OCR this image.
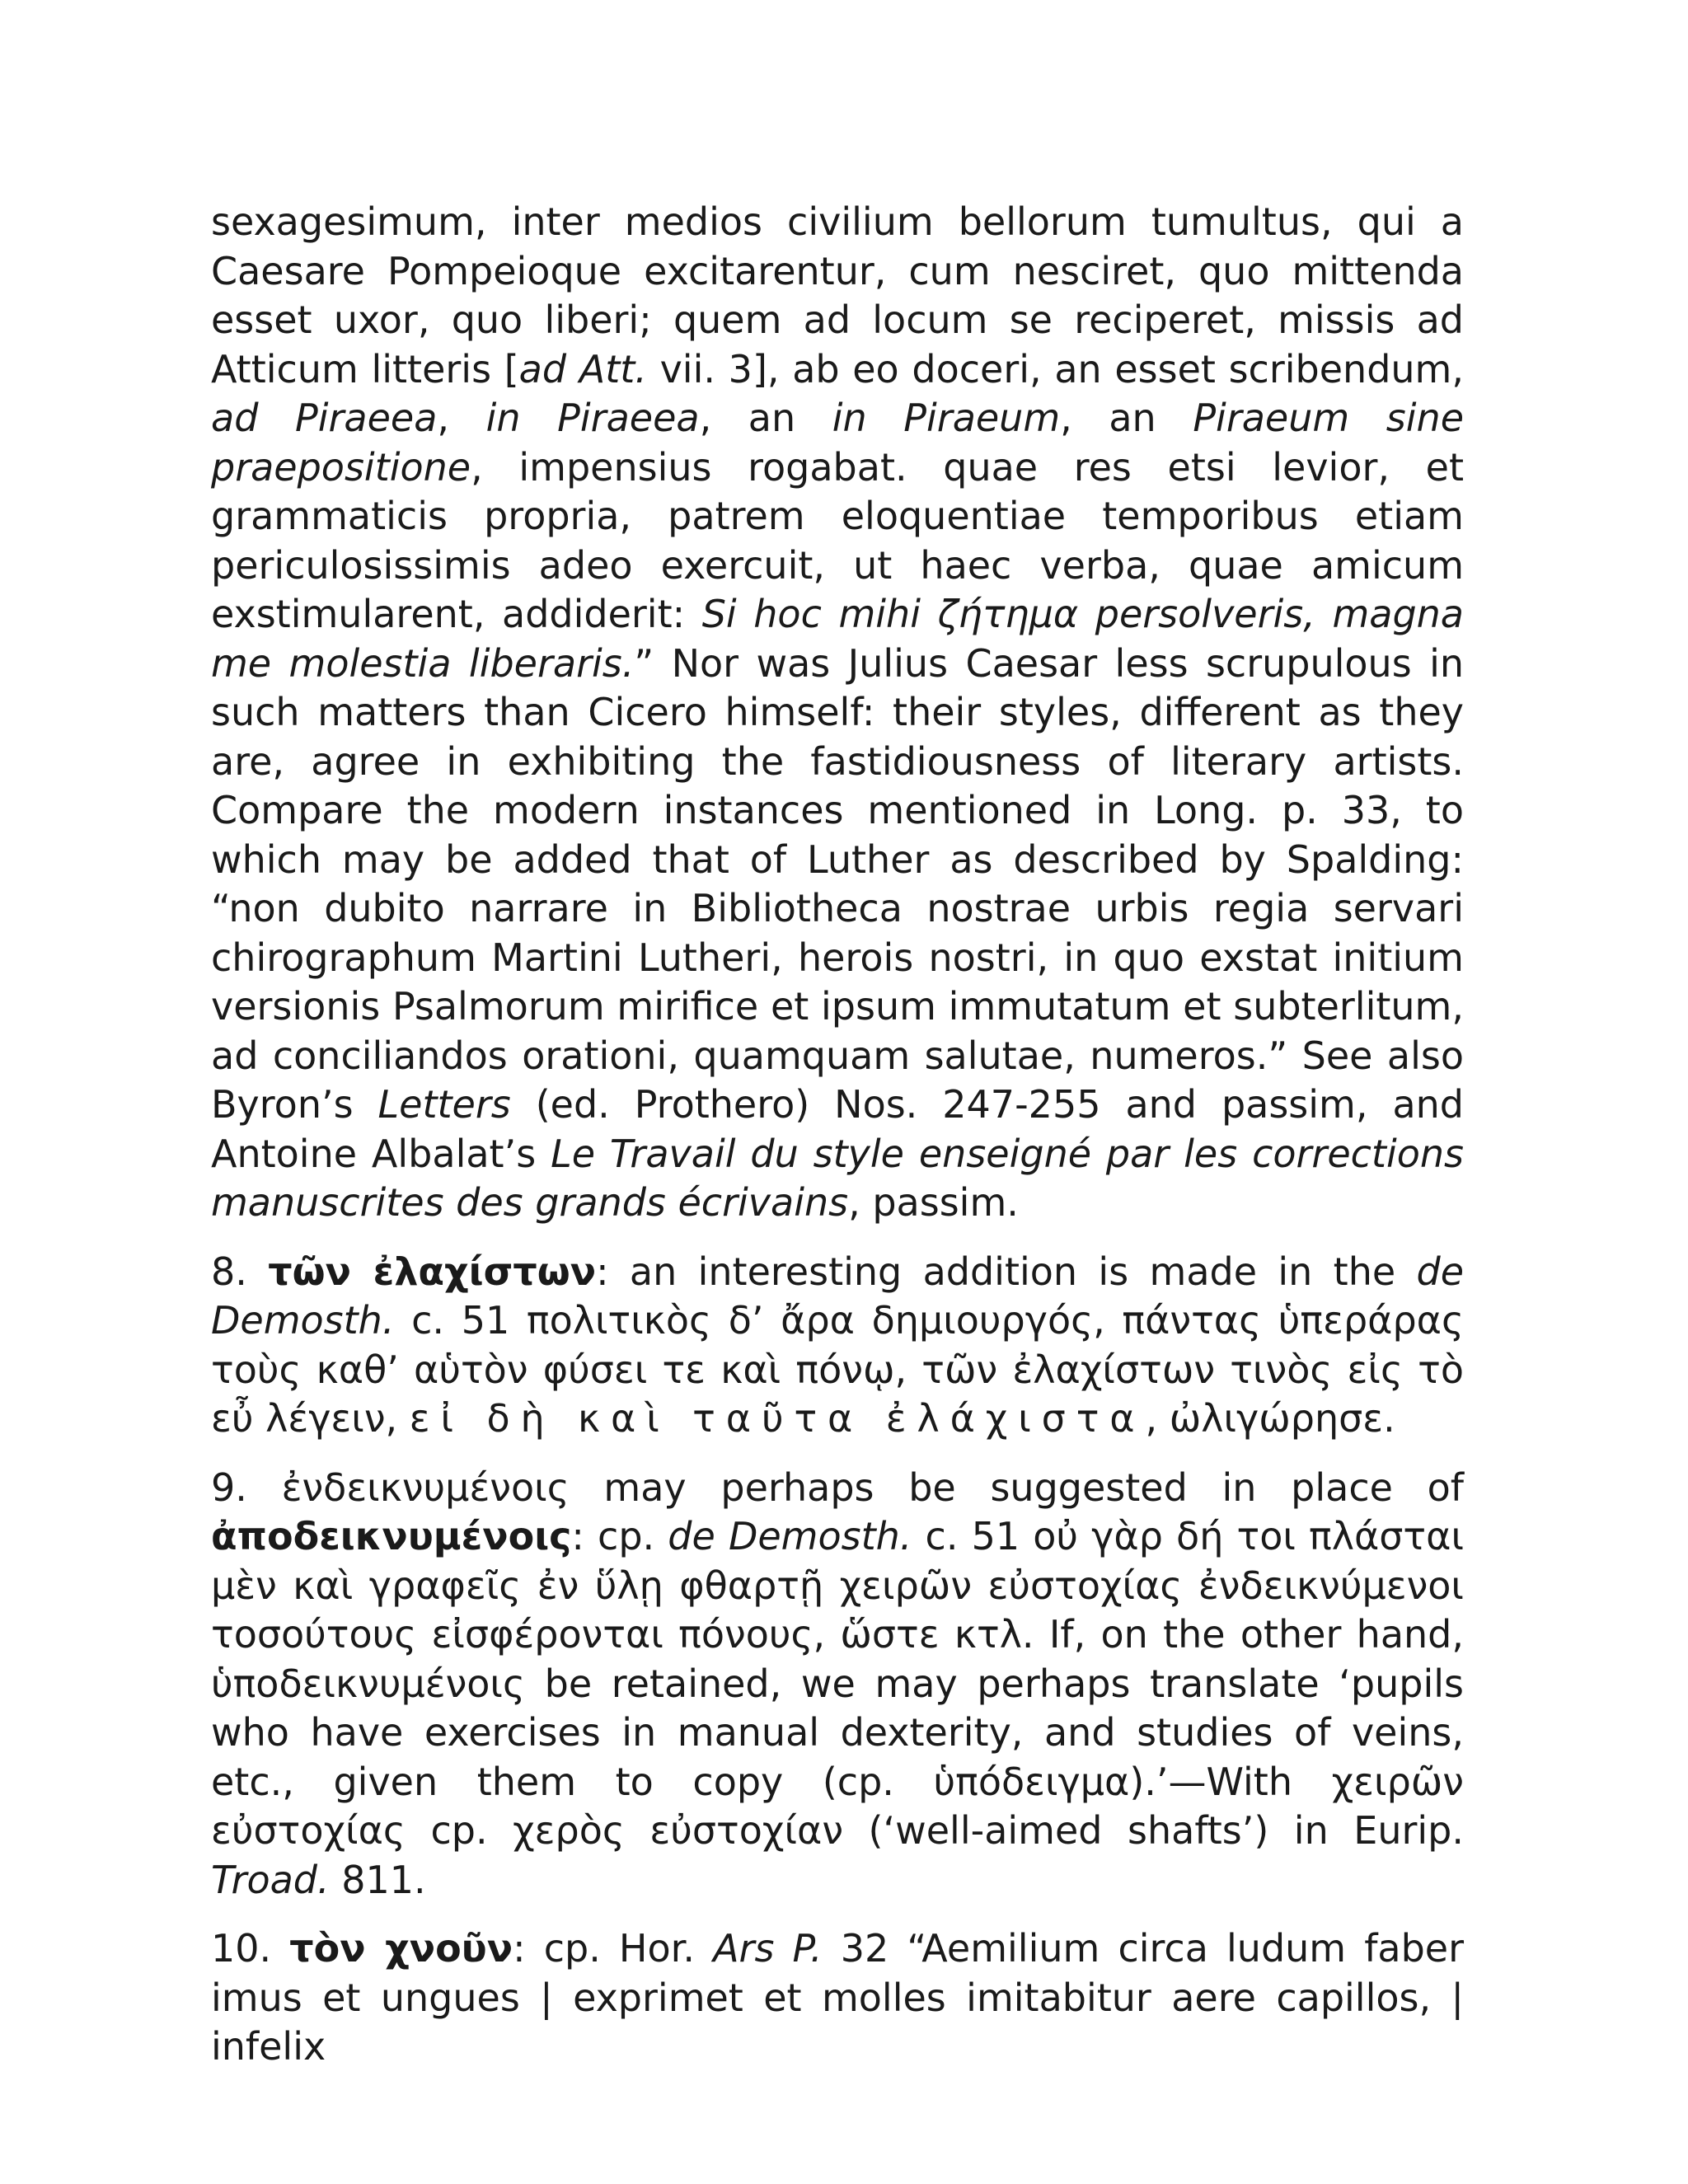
sexagesimum, inter medios civilium bellorum tumultus, qui a Caesare Pompeioque excitarentur, cum nesciret, quo mittenda esset uxor, quo liberi; quem ad locum se reciperet, missis ad Atticum litteris [ad Att. vii. 3], ab eo doceri, an esset scribendum, ad Piraeea, in Piraeea, an in Piraeum, an Piraeum sine praepositione, impensius rogabat. quae res etsi levior, et grammaticis propria, patrem eloquentiae temporibus etiam periculosissimis adeo exercuit, ut haec verba, quae amicum exstimularent, addiderit: Si hoc mihi ζήτημα persolveris, magna me molestia liberaris.” Nor was Julius Caesar less scrupulous in such matters than Cicero himself: their styles, different as they are, agree in exhibiting the fastidiousness of literary artists. Compare the modern instances mentioned in Long. p. 33, to which may be added that of Luther as described by Spalding: “non dubito narrare in Bibliotheca nostrae urbis regia servari chirographum Martini Lutheri, herois nostri, in quo exstat initium versionis Psalmorum mirifice et ipsum immutatum et subterlitum, ad conciliandos orationi, quamquam salutae, numeros.” See also Byron’s Letters (ed. Prothero) Nos. 247-255 and passim, and Antoine Albalat’s Le Travail du style enseigné par les corrections manuscrites des grands écrivains, passim.

8. τῶν ἐλαχίστων: an interesting addition is made in the de Demosth. c. 51 πολιτικὸς δ’ ἄρα δημιουργός, πάντας ὑπεράρας τοὺς καθ’ αὑτὸν φύσει τε καὶ πόνῳ, τῶν ἐλαχίστων τινὸς εἰς τὸ εὖ λέγειν, εἰ δὴ καὶ ταῦτα ἐλάχιστα, ὠλιγώρησε.

9. ἐνδεικνυμένοις may perhaps be suggested in place of ἀποδεικνυμένοις: cp. de Demosth. c. 51 οὐ γὰρ δή τοι πλάσται μὲν καὶ γραφεῖς ἐν ὕλῃ φθαρτῇ χειρῶν εὐστοχίας ἐνδεικνύμενοι τοσούτους εἰσφέρονται πόνους, ὥστε κτλ. If, on the other hand, ὑποδεικνυμένοις be retained, we may perhaps translate ‘pupils who have exercises in manual dexterity, and studies of veins, etc., given them to copy (cp. ὑπόδειγμα).’—With χειρῶν εὐστοχίας cp. χερὸς εὐστοχίαν (‘well-aimed shafts’) in Eurip. Troad. 811.

10. τὸν χνοῦν: cp. Hor. Ars P. 32 “Aemilium circa ludum faber imus et ungues | exprimet et molles imitabitur aere capillos, | infelix
